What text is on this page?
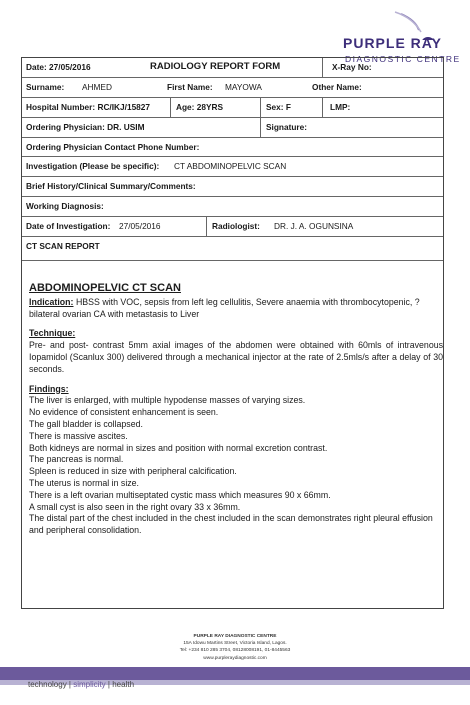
PURPLE RAY
DIAGNOSTIC CENTRE
Date: 27/05/2016	RADIOLOGY REPORT FORM	X-Ray No:
Surname: AHMED	First Name: MAYOWA	Other Name:
Hospital Number: RC/IKJ/15827	Age: 28YRS	Sex: F	LMP:
Ordering Physician: DR. USIM	Signature:
Ordering Physician Contact Phone Number:
Investigation (Please be specific): CT ABDOMINOPELVIC SCAN
Brief History/Clinical Summary/Comments:
Working Diagnosis:
Date of Investigation: 27/05/2016	Radiologist: DR. J. A. OGUNSINA
CT SCAN REPORT

ABDOMINOPELVIC CT SCAN

Indication: HBSS with VOC, sepsis from left leg cellulitis, Severe anaemia with thrombocytopenic, ? bilateral ovarian CA with metastasis to Liver

Technique:

Pre- and post- contrast 5mm axial images of the abdomen were obtained with 60mls of intravenous Iopamidol (Scanlux 300) delivered through a mechanical injector at the rate of 2.5mls/s after a delay of 30 seconds.

Findings:

The liver is enlarged, with multiple hypodense masses of varying sizes.

No evidence of consistent enhancement is seen.

The gall bladder is collapsed.

There is massive ascites.

Both kidneys are normal in sizes and position with normal excretion contrast.

The pancreas is normal.

Spleen is reduced in size with peripheral calcification.

The uterus is normal in size.

There is a left ovarian multiseptated cystic mass which measures 90 x 66mm.

A small cyst is also seen in the right ovary 33 x 36mm.

The distal part of the chest included in the chest included in the scan demonstrates right pleural effusion and peripheral consolidation.

PURPLE RAY DIAGNOSTIC CENTRE
15A Idowu Martins Street, Victoria Island, Lagos.
Tel: +234 810 285 3704, 08128008191, 01-8445563
www.purpleraydiagnostic.com
technology | simplicity | health
